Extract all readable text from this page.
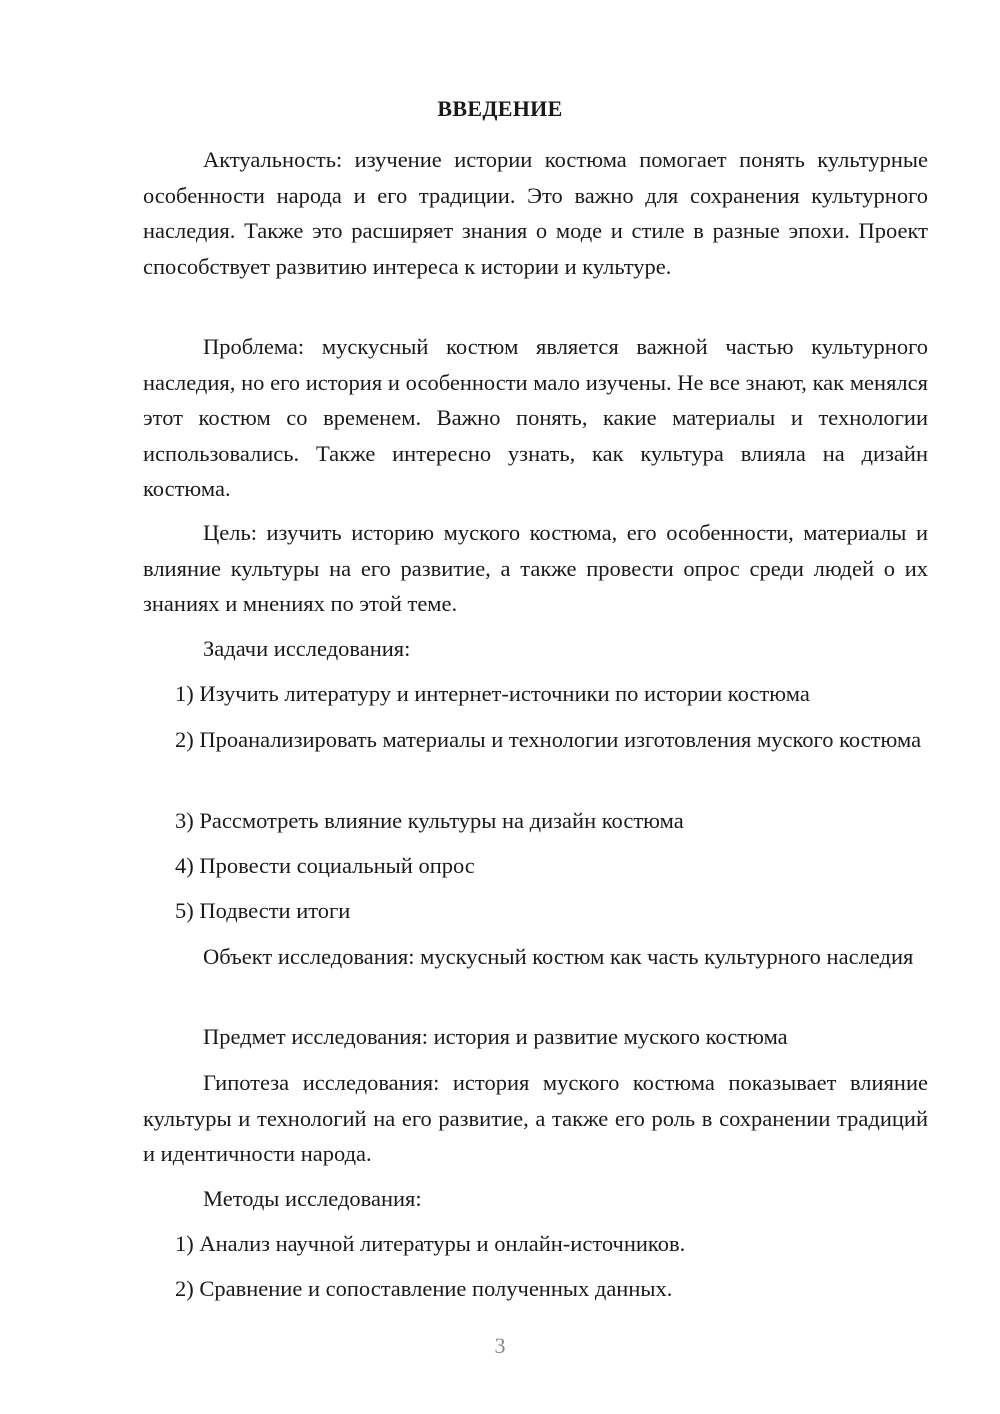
ВВЕДЕНИЕ

Актуальность: изучение истории костюма помогает понять культурные особенности народа и его традиции. Это важно для сохранения культурного наследия. Также это расширяет знания о моде и стиле в разные эпохи. Проект способствует развитию интереса к истории и культуре.

Проблема: мускусный костюм является важной частью культурного наследия, но его история и особенности мало изучены. Не все знают, как менялся этот костюм со временем. Важно понять, какие материалы и технологии использовались. Также интересно узнать, как культура влияла на дизайн костюма.

Цель: изучить историю муского костюма, его особенности, материалы и влияние культуры на его развитие, а также провести опрос среди людей о их знаниях и мнениях по этой теме.

Задачи исследования:

1) Изучить литературу и интернет-источники по истории костюма

2) Проанализировать материалы и технологии изготовления муского костюма

3) Рассмотреть влияние культуры на дизайн костюма

4) Провести социальный опрос

5) Подвести итоги

Объект исследования: мускусный костюм как часть культурного наследия

Предмет исследования: история и развитие муского костюма

Гипотеза исследования: история муского костюма показывает влияние культуры и технологий на его развитие, а также его роль в сохранении традиций и идентичности народа.

Методы исследования:

1) Анализ научной литературы и онлайн-источников.

2) Сравнение и сопоставление полученных данных.

3
